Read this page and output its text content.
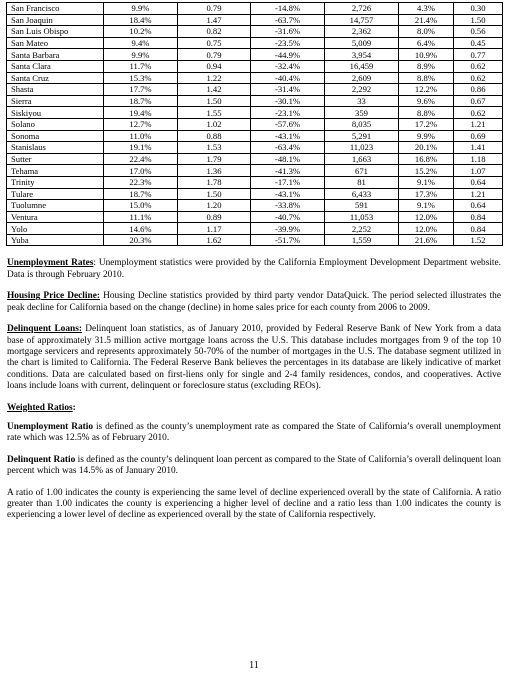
San Francisco	9.9%	0.79	-14.8%	2,726	4.3%	0.30
San Joaquin	18.4%	1.47	-63.7%	14,757	21.4%	1.50
San Luis Obispo	10.2%	0.82	-31.6%	2,362	8.0%	0.56
San Mateo	9.4%	0.75	-23.5%	5,009	6.4%	0.45
Santa Barbara	9.9%	0.79	-44.9%	3,954	10.9%	0.77
Santa Clara	11.7%	0.94	-32.4%	16,459	8.9%	0.62
Santa Cruz	15.3%	1.22	-40.4%	2,609	8.8%	0.62
Shasta	17.7%	1.42	-31.4%	2,292	12.2%	0.86
Sierra	18.7%	1.50	-30.1%	33	9.6%	0.67
Siskiyou	19.4%	1.55	-23.1%	359	8.8%	0.62
Solano	12.7%	1.02	-57.6%	8,035	17.2%	1.21
Sonoma	11.0%	0.88	-43.1%	5,291	9.9%	0.69
Stanislaus	19.1%	1.53	-63.4%	11,023	20.1%	1.41
Sutter	22.4%	1.79	-48.1%	1,663	16.8%	1.18
Tehama	17.0%	1.36	-41.3%	671	15.2%	1.07
Trinity	22.3%	1.78	-17.1%	81	9.1%	0.64
Tulare	18.7%	1.50	-43.1%	6,433	17.3%	1.21
Tuolumne	15.0%	1.20	-33.8%	591	9.1%	0.64
Ventura	11.1%	0.89	-40.7%	11,053	12.0%	0.84
Yolo	14.6%	1.17	-39.9%	2,252	12.0%	0.84
Yuba	20.3%	1.62	-51.7%	1,559	21.6%	1.52

Unemployment Rates: Unemployment statistics were provided by the California Employment Development Department website. Data is through February 2010.

Housing Price Decline: Housing Decline statistics provided by third party vendor DataQuick. The period selected illustrates the peak decline for California based on the change (decline) in home sales price for each county from 2006 to 2009.

Delinquent Loans: Delinquent loan statistics, as of January 2010, provided by Federal Reserve Bank of New York from a data base of approximately 31.5 million active mortgage loans across the U.S. This database includes mortgages from 9 of the top 10 mortgage servicers and represents approximately 50-70% of the number of mortgages in the U.S. The database segment utilized in the chart is limited to California. The Federal Reserve Bank believes the percentages in its database are likely indicative of market conditions. Data are calculated based on first-liens only for single and 2-4 family residences, condos, and cooperatives. Active loans include loans with current, delinquent or foreclosure status (excluding REOs).

Weighted Ratios:

Unemployment Ratio is defined as the county’s unemployment rate as compared the State of California’s overall unemployment rate which was 12.5% as of February 2010.

Delinquent Ratio is defined as the county’s delinquent loan percent as compared to the State of California’s overall delinquent loan percent which was 14.5% as of January 2010.

A ratio of 1.00 indicates the county is experiencing the same level of decline experienced overall by the state of California. A ratio greater than 1.00 indicates the county is experiencing a higher level of decline and a ratio less than 1.00 indicates the county is experiencing a lower level of decline as experienced overall by the state of California respectively.

11
